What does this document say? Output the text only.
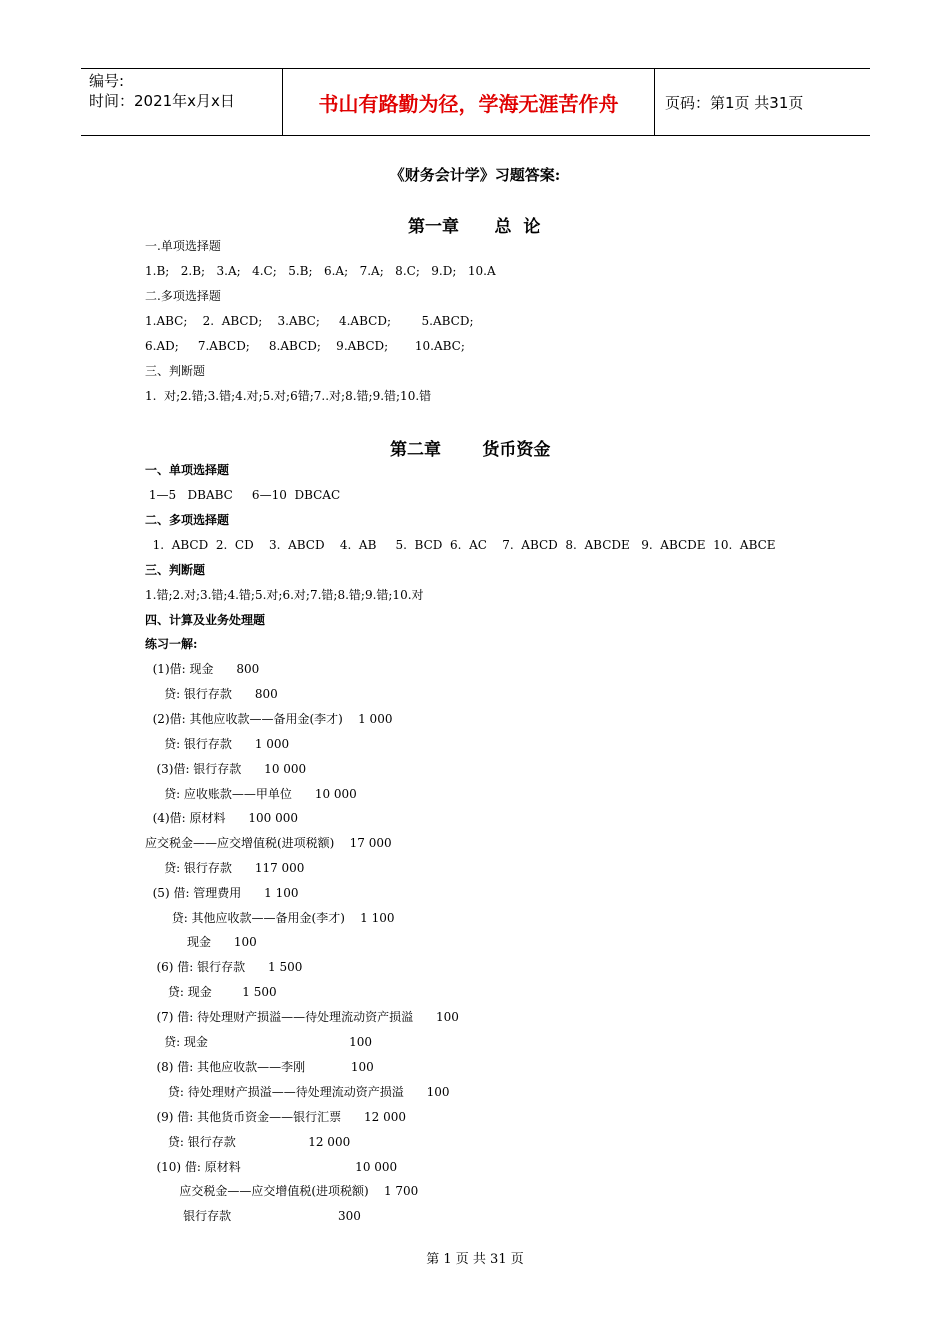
编号:
时间：2021年x月x日	书山有路勤为径，学海无涯苦作舟	页码：第1页 共31页
《财务会计学》习题答案:
第一章      总  论
一.单项选择题
1.B;   2.B;   3.A;   4.C;   5.B;   6.A;   7.A;   8.C;   9.D;   10.A
二.多项选择题
1.ABC;    2.  ABCD;    3.ABC;     4.ABCD;        5.ABCD;
6.AD;     7.ABCD;     8.ABCD;    9.ABCD;       10.ABC;
三、判断题
1.  对;2.错;3.错;4.对;5.对;6错;7..对;8.错;9.错;10.错
第二章       货币资金
一、单项选择题
1—5   DBABC     6—10  DBCAC
二、多项选择题
1.  ABCD  2.  CD    3.  ABCD    4.  AB     5.  BCD  6.  AC    7.  ABCD  8.  ABCDE   9.  ABCDE  10.  ABCE
三、判断题
1.错;2.对;3.错;4.错;5.对;6.对;7.错;8.错;9.错;10.对
四、计算及业务处理题
练习一解:
(1)借: 现金      800
贷: 银行存款      800
(2)借: 其他应收款——备用金(李才)    1 000
贷: 银行存款      1 000
(3)借: 银行存款      10 000
贷: 应收账款——甲单位      10 000
(4)借: 原材料      100 000
应交税金——应交增值税(进项税额)    17 000
贷: 银行存款      117 000
(5) 借: 管理费用      1 100
贷: 其他应收款——备用金(李才)    1 100
现金      100
(6) 借: 银行存款      1 500
贷: 现金        1 500
(7) 借: 待处理财产损溢——待处理流动资产损溢      100
贷: 现金                                     100
(8) 借: 其他应收款——李刚            100
贷: 待处理财产损溢——待处理流动资产损溢      100
(9) 借: 其他货币资金——银行汇票      12 000
贷: 银行存款                   12 000
(10) 借: 原材料                              10 000
应交税金——应交增值税(进项税额)    1 700
银行存款                            300
第 1 页 共 31 页
